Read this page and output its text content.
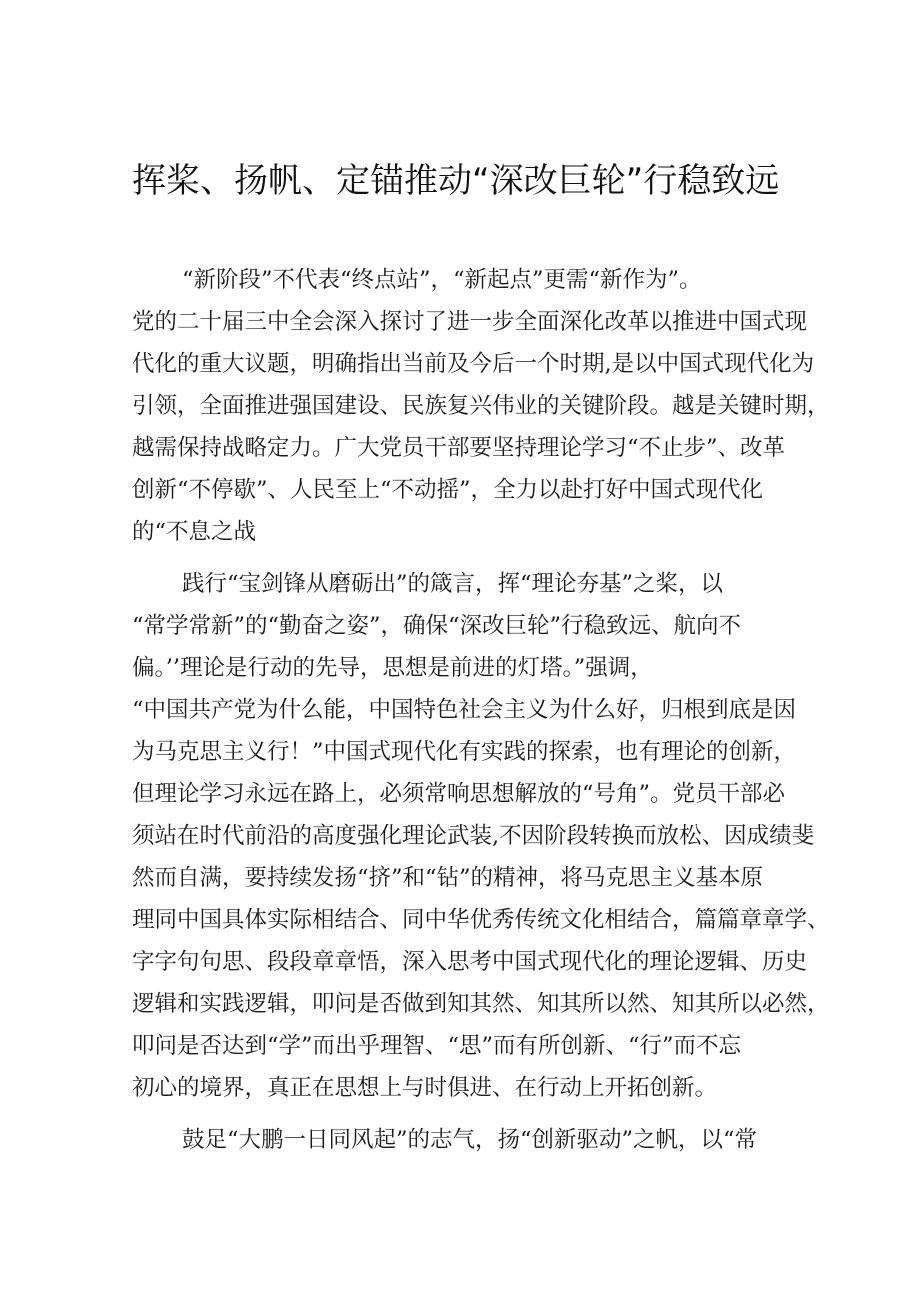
挥桨、扬帆、定锚推动“深改巨轮”行稳致远
“新阶段”不代表“终点站”，“新起点”更需“新作为”。
党的二十届三中全会深入探讨了进一步全面深化改革以推进中国式现
代化的重大议题，明确指出当前及今后一个时期,是以中国式现代化为
引领，全面推进强国建设、民族复兴伟业的关键阶段。越是关键时期，
越需保持战略定力。广大党员干部要坚持理论学习“不止步”、改革
创新“不停歇”、人民至上“不动摇”，全力以赴打好中国式现代化
的“不息之战
践行“宝剑锋从磨砺出”的箴言，挥“理论夯基”之桨，以
“常学常新”的“勤奋之姿”，确保“深改巨轮”行稳致远、航向不
偏。’’理论是行动的先导，思想是前进的灯塔。”强调，
“中国共产党为什么能，中国特色社会主义为什么好，归根到底是因
为马克思主义行！”中国式现代化有实践的探索，也有理论的创新，
但理论学习永远在路上，必须常响思想解放的“号角”。党员干部必
须站在时代前沿的高度强化理论武装,不因阶段转换而放松、因成绩斐
然而自满，要持续发扬“挤”和“钻”的精神，将马克思主义基本原
理同中国具体实际相结合、同中华优秀传统文化相结合，篇篇章章学、
字字句句思、段段章章悟，深入思考中国式现代化的理论逻辑、历史
逻辑和实践逻辑，叩问是否做到知其然、知其所以然、知其所以必然，
叩问是否达到“学”而出乎理智、“思”而有所创新、“行”而不忘
初心的境界，真正在思想上与时俱进、在行动上开拓创新。
鼓足“大鹏一日同风起”的志气，扬“创新驱动”之帆，以“常
